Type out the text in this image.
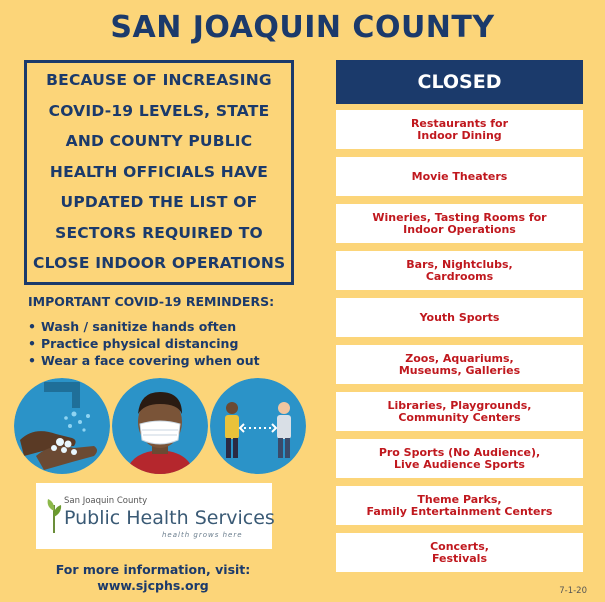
SAN JOAQUIN COUNTY
BECAUSE OF INCREASING
COVID-19 LEVELS, STATE
AND COUNTY PUBLIC
HEALTH OFFICIALS HAVE
UPDATED THE LIST OF
SECTORS REQUIRED TO
CLOSE INDOOR OPERATIONS
IMPORTANT COVID-19 REMINDERS:
• Wash / sanitize hands often
• Practice physical distancing
• Wear a face covering when out
San Joaquin County
Public Health Services
health grows here
For more information, visit:
www.sjcphs.org
CLOSED
Restaurants for
Indoor Dining
Movie Theaters
Wineries, Tasting Rooms for
Indoor Operations
Bars, Nightclubs,
Cardrooms
Youth Sports
Zoos, Aquariums,
Museums, Galleries
Libraries, Playgrounds,
Community Centers
Pro Sports (No Audience),
Live Audience Sports
Theme Parks,
Family Entertainment Centers
Concerts,
Festivals
7-1-20
